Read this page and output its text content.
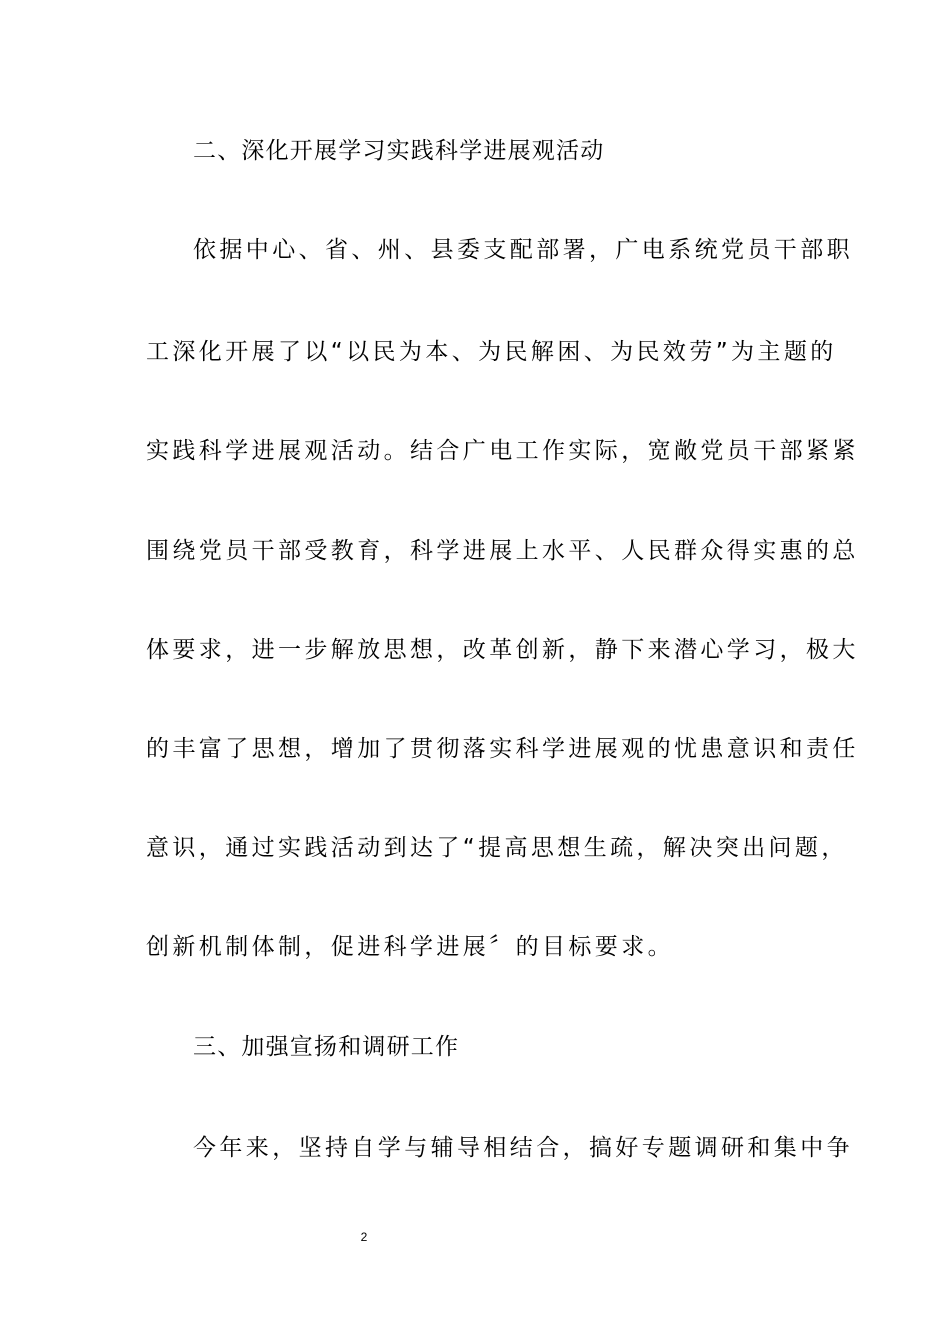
二、深化开展学习实践科学进展观活动
依据中心、省、州、县委支配部署，广电系统党员干部职
工深化开展了以“以民为本、为民解困、为民效劳”为主题的
实践科学进展观活动。结合广电工作实际，宽敞党员干部紧紧
围绕党员干部受教育，科学进展上水平、人民群众得实惠的总
体要求，进一步解放思想，改革创新，静下来潜心学习，极大
的丰富了思想，增加了贯彻落实科学进展观的忧患意识和责任
意识，通过实践活动到达了“提高思想生疏，解决突出问题，
创新机制体制，促进科学进展〞的目标要求。
三、加强宣扬和调研工作
今年来，坚持自学与辅导相结合，搞好专题调研和集中争
2
